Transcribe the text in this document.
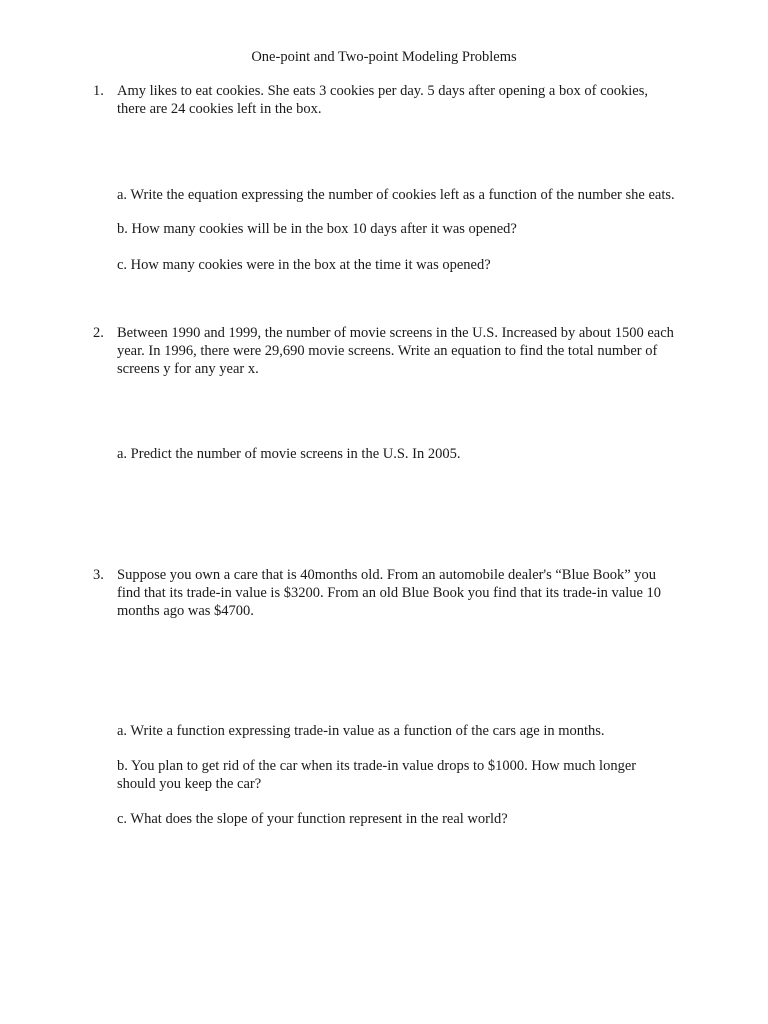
One-point and Two-point Modeling Problems
1. Amy likes to eat cookies. She eats 3 cookies per day. 5 days after opening a box of cookies,
there are 24 cookies left in the box.
a. Write the equation expressing the number of cookies left as a function of the number she eats.
b. How many cookies will be in the box 10 days after it was opened?
c. How many cookies were in the box at the time it was opened?
2. Between 1990 and 1999, the number of movie screens in the U.S. Increased by about 1500 each
year. In 1996, there were 29,690 movie screens. Write an equation to find the total number of
screens y for any year x.
a. Predict the number of movie screens in the U.S. In 2005.
3. Suppose you own a care that is 40months old. From an automobile dealer's “Blue Book” you
find that its trade-in value is $3200. From an old Blue Book you find that its trade-in value 10
months ago was $4700.
a. Write a function expressing trade-in value as a function of the cars age in months.
b. You plan to get rid of the car when its trade-in value drops to $1000. How much longer
should you keep the car?
c. What does the slope of your function represent in the real world?
